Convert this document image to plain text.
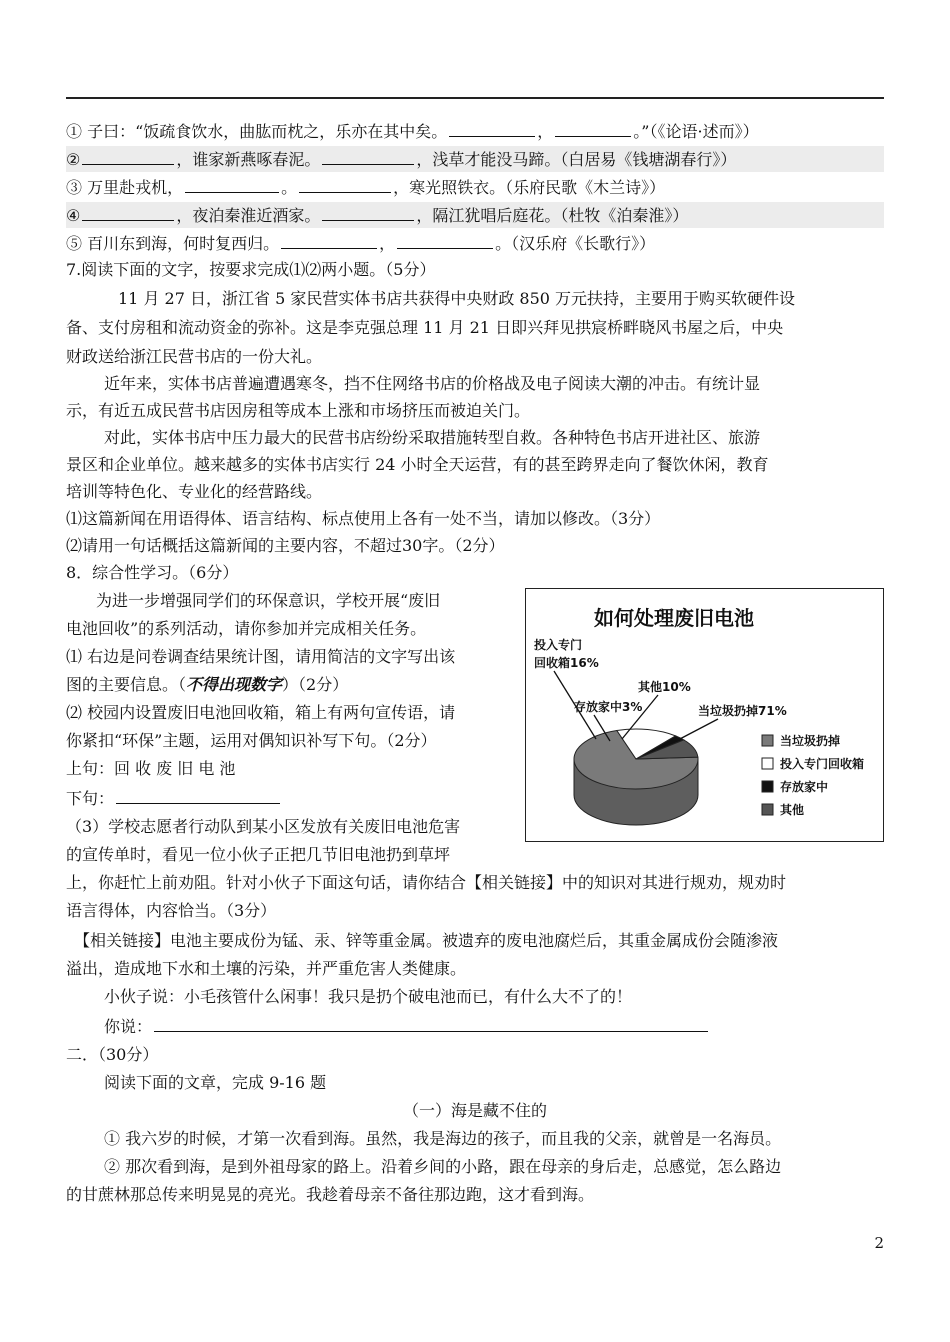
① 子曰：“饭疏食饮水，曲肱而枕之，乐亦在其中矣。	，	。”（《论语·述而》）
②	，谁家新燕啄春泥。	，浅草才能没马蹄。（白居易《钱塘湖春行》）
③ 万里赴戎机，	。	，寒光照铁衣。（乐府民歌《木兰诗》）
④	，夜泊秦淮近酒家。	，隔江犹唱后庭花。（杜牧《泊秦淮》）
⑤ 百川东到海，何时复西归。	，	。（汉乐府《长歌行》）
7.阅读下面的文字，按要求完成⑴⑵两小题。（5分）
11 月 27 日，浙江省 5 家民营实体书店共获得中央财政 850 万元扶持，主要用于购买软硬件设
备、支付房租和流动资金的弥补。这是李克强总理 11 月 21 日即兴拜见拱宸桥畔晓风书屋之后，中央
财政送给浙江民营书店的一份大礼。
近年来，实体书店普遍遭遇寒冬，挡不住网络书店的价格战及电子阅读大潮的冲击。有统计显
示，有近五成民营书店因房租等成本上涨和市场挤压而被迫关门。
对此，实体书店中压力最大的民营书店纷纷采取措施转型自救。各种特色书店开进社区、旅游
景区和企业单位。越来越多的实体书店实行 24 小时全天运营，有的甚至跨界走向了餐饮休闲，教育
培训等特色化、专业化的经营路线。
⑴这篇新闻在用语得体、语言结构、标点使用上各有一处不当，请加以修改。（3分）
⑵请用一句话概括这篇新闻的主要内容，不超过30字。（2分）
8．综合性学习。（6分）
为进一步增强同学们的环保意识，学校开展“废旧
电池回收”的系列活动，请你参加并完成相关任务。
⑴ 右边是问卷调查结果统计图，请用简洁的文字写出该
图的主要信息。（不得出现数字）（2分）
⑵ 校园内设置废旧电池回收箱，箱上有两句宣传语，请
你紧扣“环保”主题，运用对偶知识补写下句。（2分）
上句：回 收 废 旧 电 池
下句：
（3）学校志愿者行动队到某小区发放有关废旧电池危害
的宣传单时，看见一位小伙子正把几节旧电池扔到草坪
上，你赶忙上前劝阻。针对小伙子下面这句话，请你结合【相关链接】中的知识对其进行规劝，规劝时
语言得体，内容恰当。（3分）
【相关链接】电池主要成份为锰、汞、锌等重金属。被遗弃的废电池腐烂后，其重金属成份会随渗液
溢出，造成地下水和土壤的污染，并严重危害人类健康。
小伙子说：小毛孩管什么闲事！我只是扔个破电池而已，有什么大不了的！
你说：
二．（30分）
阅读下面的文章，完成 9-16 题
（一）海是藏不住的
① 我六岁的时候，才第一次看到海。虽然，我是海边的孩子，而且我的父亲，就曾是一名海员。
② 那次看到海，是到外祖母家的路上。沿着乡间的小路，跟在母亲的身后走，总感觉，怎么路边
的甘蔗林那总传来明晃晃的亮光。我趁着母亲不备往那边跑，这才看到海。
2
如何处理废旧电池
当垃圾扔掉71%
投入专门
回收箱16%
存放家中3%
其他10%
当垃圾扔掉
投入专门回收箱
存放家中
其他
